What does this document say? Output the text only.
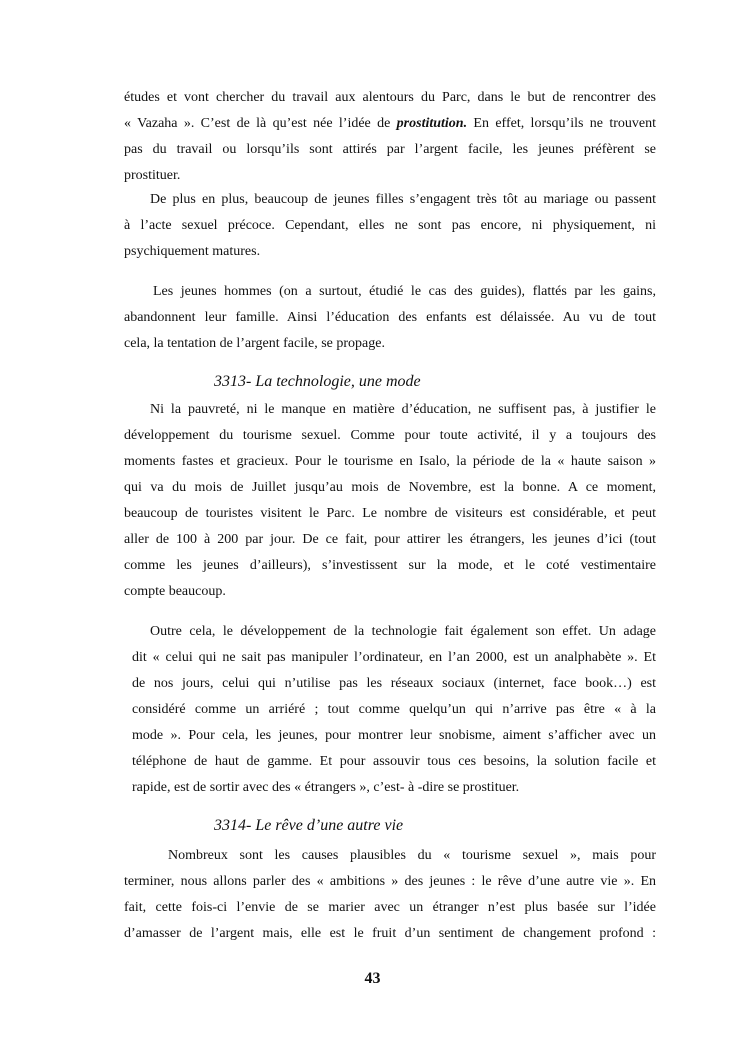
études et vont chercher du travail aux alentours du Parc, dans le but de rencontrer des
« Vazaha ». C’est de là qu’est née l’idée de prostitution. En effet, lorsqu’ils ne trouvent
pas du travail ou lorsqu’ils sont attirés par l’argent facile, les jeunes préfèrent se
prostituer.
De plus en plus, beaucoup de jeunes filles s’engagent très tôt au mariage ou passent
à l’acte sexuel précoce. Cependant, elles ne sont pas encore, ni physiquement, ni
psychiquement matures.
Les jeunes hommes (on a surtout, étudié le cas des guides), flattés par les gains,
abandonnent leur famille. Ainsi l’éducation des enfants est délaissée. Au vu de tout
cela, la tentation de l’argent facile, se propage.
3313- La technologie, une mode
Ni la pauvreté, ni le manque en matière d’éducation, ne suffisent pas, à justifier le
développement du tourisme sexuel. Comme pour toute activité, il y a toujours des
moments fastes et gracieux. Pour le tourisme en Isalo, la période de la « haute saison »
qui va du mois de Juillet jusqu’au mois de Novembre, est la bonne. A ce moment,
beaucoup de touristes visitent le Parc. Le nombre de visiteurs est considérable, et peut
aller de 100 à 200 par jour. De ce fait, pour attirer les étrangers, les jeunes d’ici (tout
comme les jeunes d’ailleurs), s’investissent sur la mode, et le coté vestimentaire
compte beaucoup.
Outre cela, le développement de la technologie fait également son effet. Un adage
dit « celui qui ne sait pas manipuler l’ordinateur, en l’an 2000, est un analphabète ». Et
de nos jours, celui qui n’utilise pas les réseaux sociaux (internet, face book…) est
considéré comme un arriéré ; tout comme quelqu’un qui n’arrive pas être « à la
mode ». Pour cela, les jeunes, pour montrer leur snobisme, aiment s’afficher avec un
téléphone de haut de gamme. Et pour assouvir tous ces besoins, la solution facile et
rapide, est de sortir avec des « étrangers », c’est- à -dire se prostituer.
3314- Le rêve d’une autre vie
Nombreux sont les causes plausibles du « tourisme sexuel », mais pour
terminer, nous allons parler des « ambitions » des jeunes : le rêve d’une autre vie ». En
fait, cette fois-ci l’envie de se marier avec un étranger n’est plus basée sur l’idée
d’amasser de l’argent mais, elle est le fruit d’un sentiment de changement profond :
43
